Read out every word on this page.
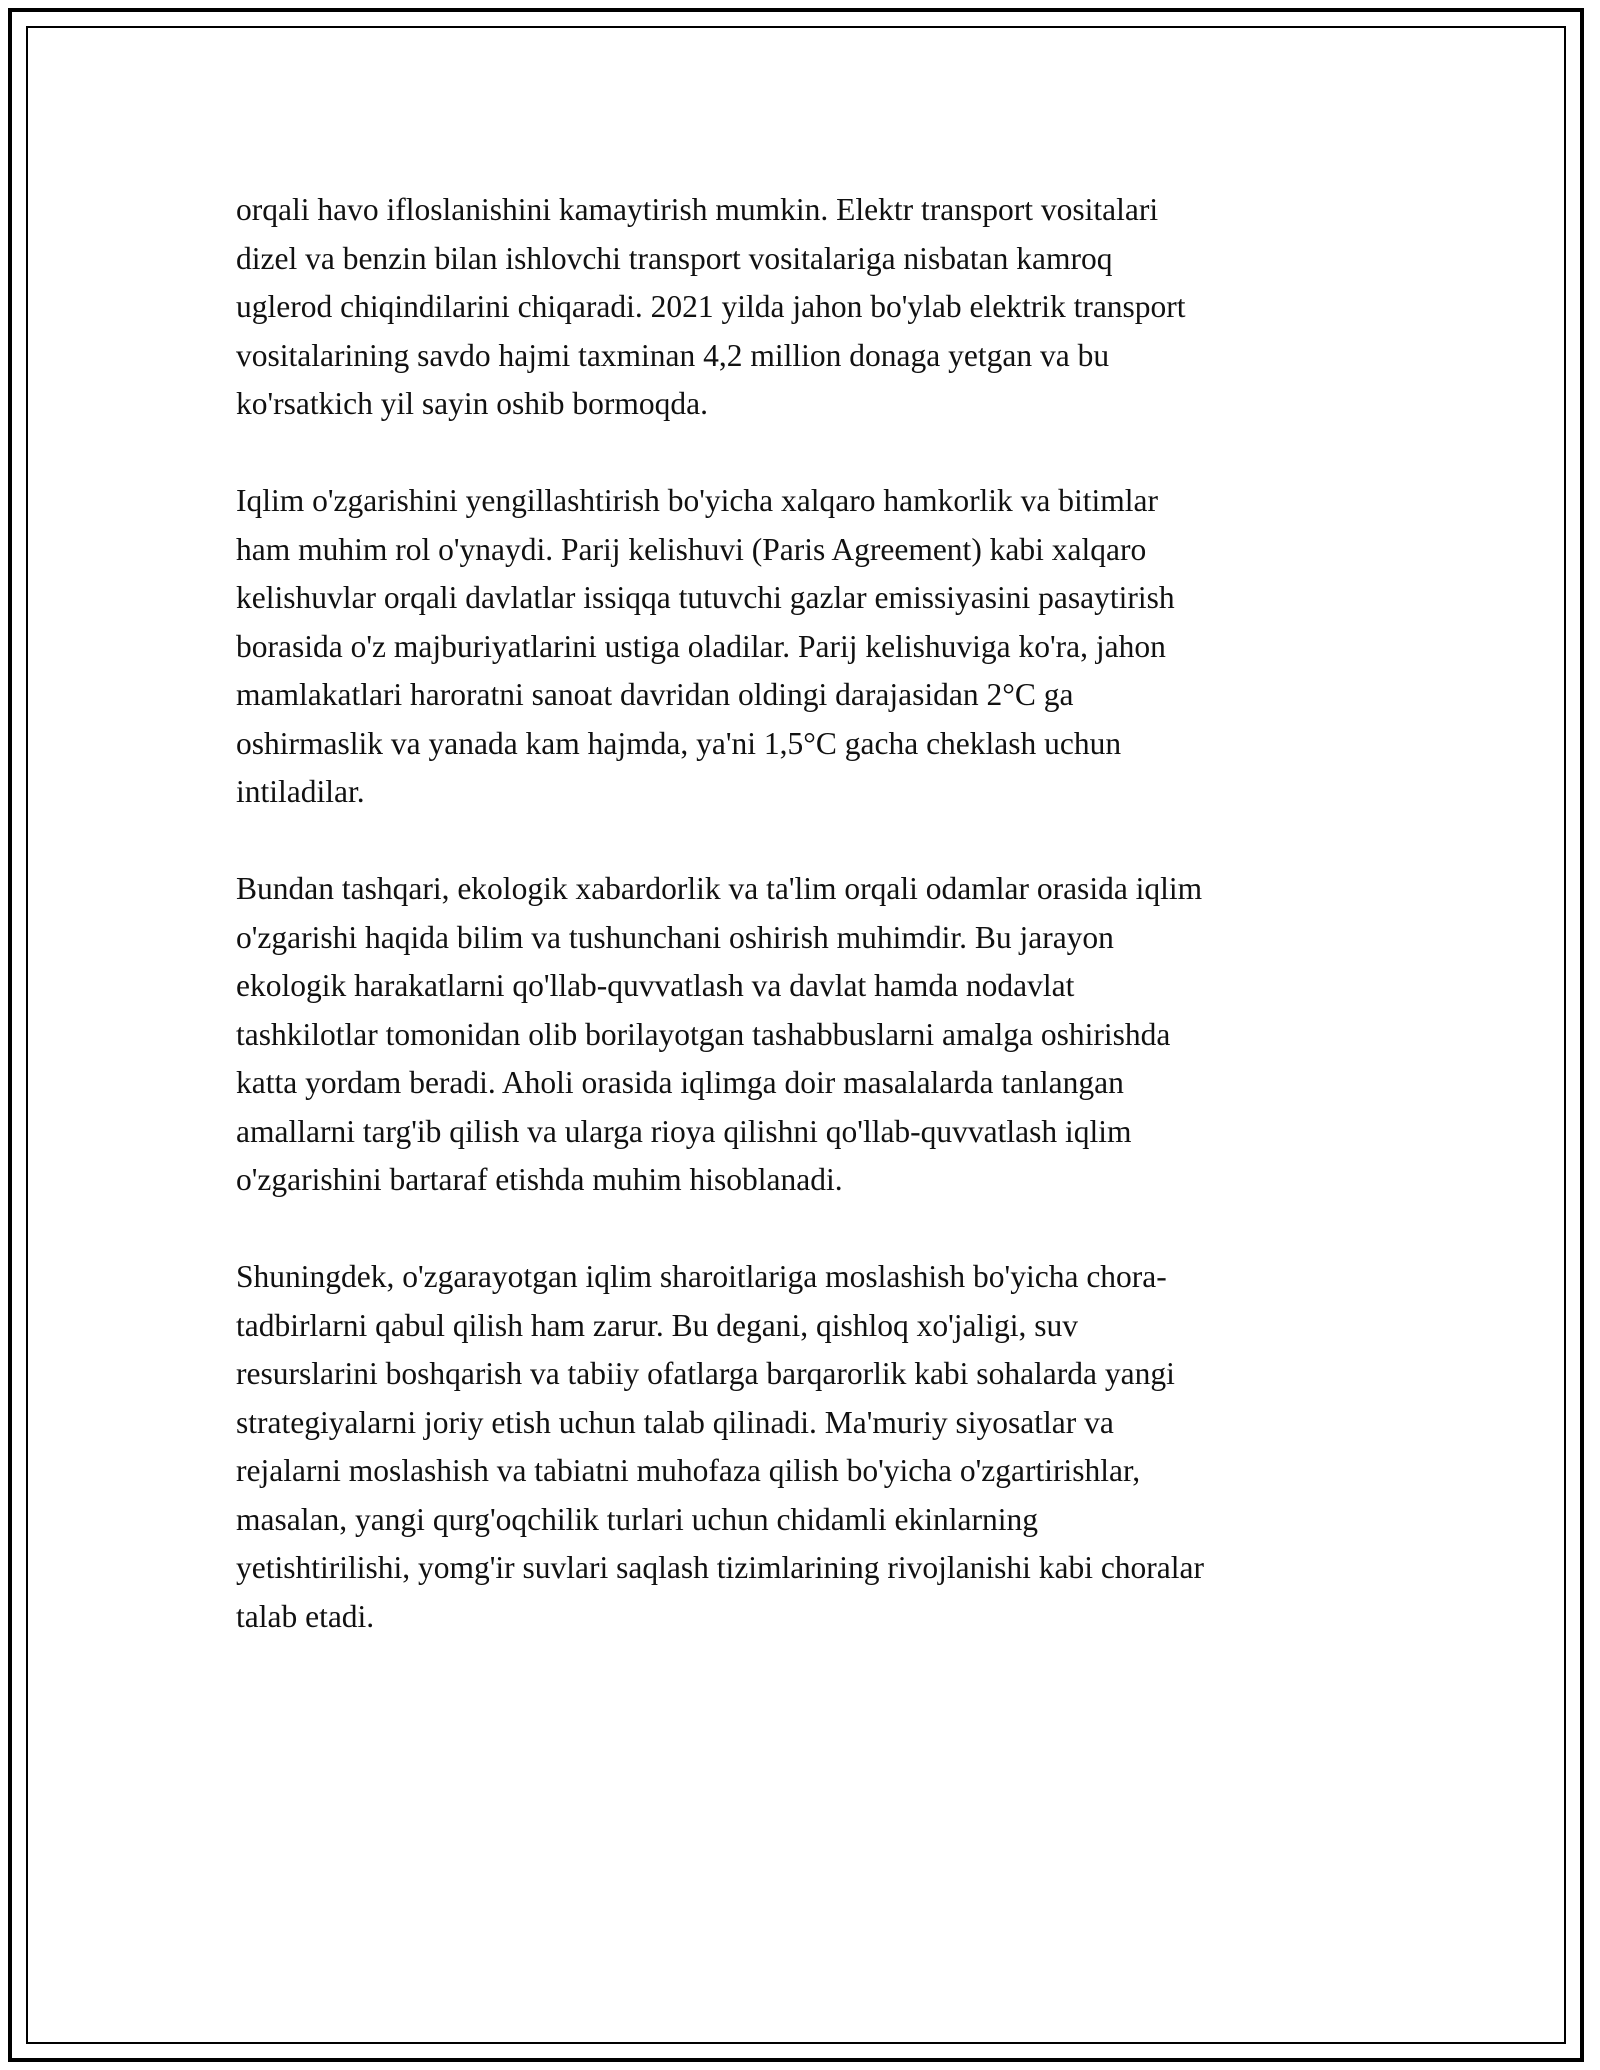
orqali havo ifloslanishini kamaytirish mumkin. Elektr transport vositalari
dizel va benzin bilan ishlovchi transport vositalariga nisbatan kamroq
uglerod chiqindilarini chiqaradi. 2021 yilda jahon bo'ylab elektrik transport
vositalarining savdo hajmi taxminan 4,2 million donaga yetgan va bu
ko'rsatkich yil sayin oshib bormoqda.

Iqlim o'zgarishini yengillashtirish bo'yicha xalqaro hamkorlik va bitimlar
ham muhim rol o'ynaydi. Parij kelishuvi (Paris Agreement) kabi xalqaro
kelishuvlar orqali davlatlar issiqqa tutuvchi gazlar emissiyasini pasaytirish
borasida o'z majburiyatlarini ustiga oladilar. Parij kelishuviga ko'ra, jahon
mamlakatlari haroratni sanoat davridan oldingi darajasidan 2°C ga
oshirmaslik va yanada kam hajmda, ya'ni 1,5°C gacha cheklash uchun
intiladilar.

Bundan tashqari, ekologik xabardorlik va ta'lim orqali odamlar orasida iqlim
o'zgarishi haqida bilim va tushunchani oshirish muhimdir. Bu jarayon
ekologik harakatlarni qo'llab-quvvatlash va davlat hamda nodavlat
tashkilotlar tomonidan olib borilayotgan tashabbuslarni amalga oshirishda
katta yordam beradi. Aholi orasida iqlimga doir masalalarda tanlangan
amallarni targ'ib qilish va ularga rioya qilishni qo'llab-quvvatlash iqlim
o'zgarishini bartaraf etishda muhim hisoblanadi.

Shuningdek, o'zgarayotgan iqlim sharoitlariga moslashish bo'yicha chora-
tadbirlarni qabul qilish ham zarur. Bu degani, qishloq xo'jaligi, suv
resurslarini boshqarish va tabiiy ofatlarga barqarorlik kabi sohalarda yangi
strategiyalarni joriy etish uchun talab qilinadi. Ma'muriy siyosatlar va
rejalarni moslashish va tabiatni muhofaza qilish bo'yicha o'zgartirishlar,
masalan, yangi qurg'oqchilik turlari uchun chidamli ekinlarning
yetishtirilishi, yomg'ir suvlari saqlash tizimlarining rivojlanishi kabi choralar
talab etadi.
